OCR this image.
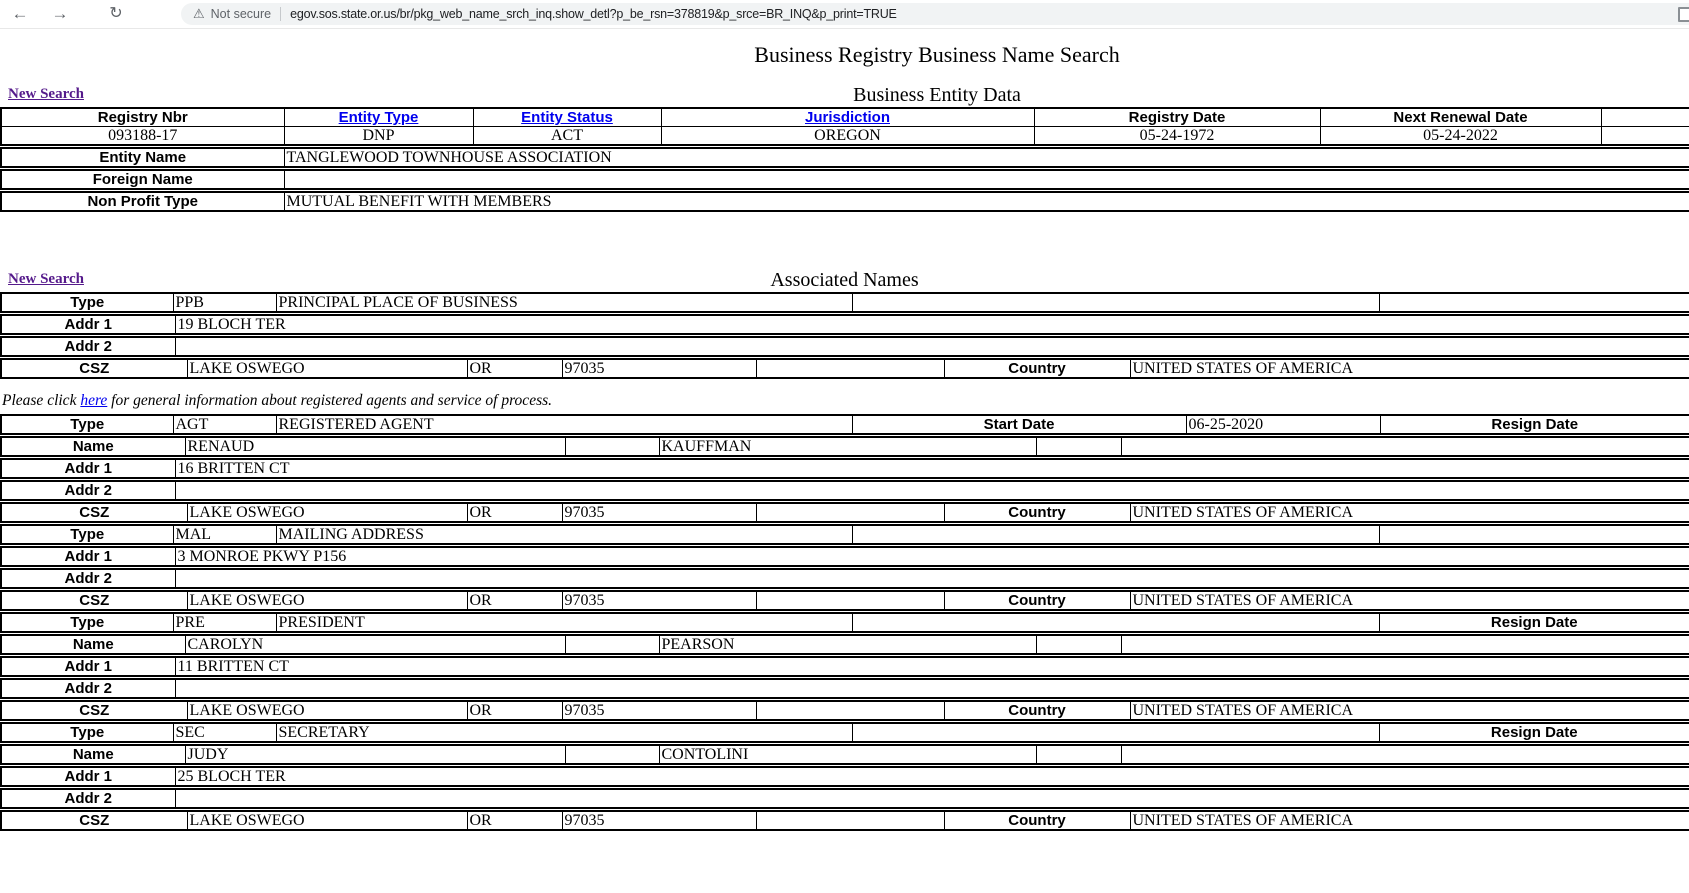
← →	↻	⚠ Not secure egov.sos.state.or.us/br/pkg_web_name_srch_inq.show_detl?p_be_rsn=378819&p_srce=BR_INQ&p_print=TRUE
Business Registry Business Name Search
New Search	Business Entity Data
Registry Nbr	Entity Type	Entity Status	Jurisdiction	Registry Date	Next Renewal Date	
093188-17	DNP	ACT	OREGON	05-24-1972	05-24-2022	
Entity Name	TANGLEWOOD TOWNHOUSE ASSOCIATION
Foreign Name	
Non Profit Type	MUTUAL BENEFIT WITH MEMBERS
New Search	Associated Names
Type	PPB	PRINCIPAL PLACE OF BUSINESS		
Addr 1	19 BLOCH TER
Addr 2	
CSZ	LAKE OSWEGO	OR	97035		Country	UNITED STATES OF AMERICA

Please click here for general information about registered agents and service of process.

Type	AGT	REGISTERED AGENT	Start Date	06-25-2020	Resign Date
Name	RENAUD		KAUFFMAN		
Addr 1	16 BRITTEN CT
Addr 2	
CSZ	LAKE OSWEGO	OR	97035		Country	UNITED STATES OF AMERICA
Type	MAL	MAILING ADDRESS		
Addr 1	3 MONROE PKWY P156
Addr 2	
CSZ	LAKE OSWEGO	OR	97035		Country	UNITED STATES OF AMERICA
Type	PRE	PRESIDENT		Resign Date
Name	CAROLYN		PEARSON		
Addr 1	11 BRITTEN CT
Addr 2	
CSZ	LAKE OSWEGO	OR	97035		Country	UNITED STATES OF AMERICA
Type	SEC	SECRETARY		Resign Date
Name	JUDY		CONTOLINI		
Addr 1	25 BLOCH TER
Addr 2	
CSZ	LAKE OSWEGO	OR	97035		Country	UNITED STATES OF AMERICA
